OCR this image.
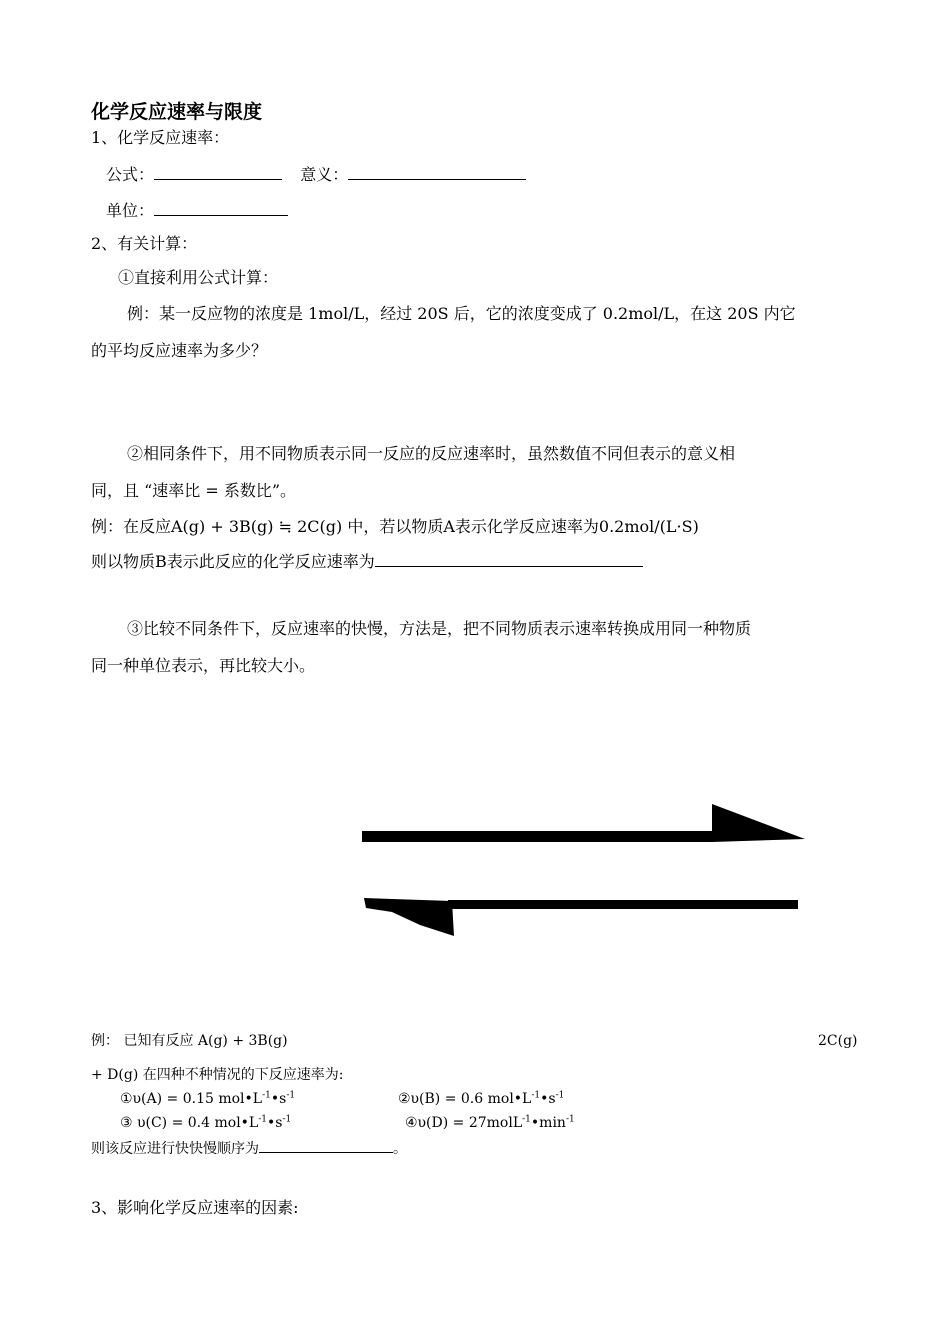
化学反应速率与限度
1、化学反应速率：
公式：	意义：
单位：
2、有关计算：
①直接利用公式计算：
例：某一反应物的浓度是 1mol/L，经过 20S 后，它的浓度变成了 0.2mol/L，在这 20S 内它
的平均反应速率为多少？
②相同条件下，用不同物质表示同一反应的反应速率时，虽然数值不同但表示的意义相
同，且 “速率比 = 系数比”。
例：在反应A(g) + 3B(g) ≒ 2C(g) 中，若以物质A表示化学反应速率为0.2mol/(L·S)
则以物质B表示此反应的化学反应速率为
③比较不同条件下，反应速率的快慢，方法是，把不同物质表示速率转换成用同一种物质
同一种单位表示，再比较大小。
例： 已知有反应 A(g) + 3B(g)	2C(g)
+ D(g) 在四种不种情况的下反应速率为:
①υ(A) = 0.15 $mol•L^{-1}•s^{-1}$	②υ(B) = 0.6 $mol•L^{-1}•s^{-1}$
③ υ(C) = 0.4 $mol•L^{-1}•s^{-1}$	④υ(D) = $27molL^{-1}•\min^{-1}$
则该反应进行快快慢顺序为	。
3、影响化学反应速率的因素:
